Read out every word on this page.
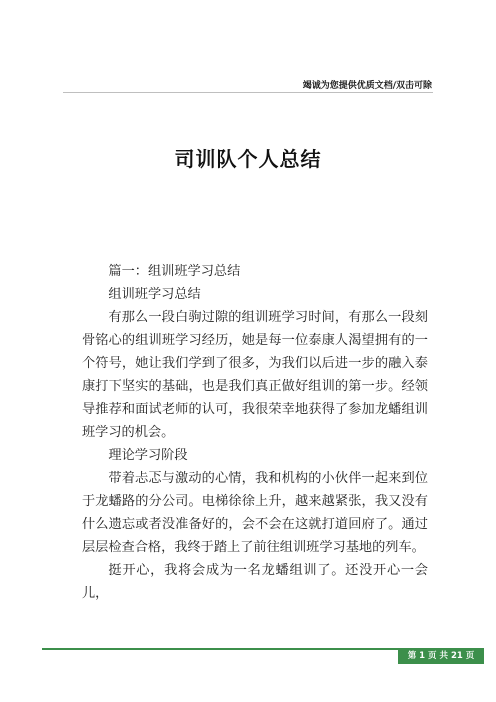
竭诚为您提供优质文档/双击可除
司训队个人总结

篇一：组训班学习总结

组训班学习总结

有那么一段白驹过隙的组训班学习时间，有那么一段刻骨铭心的组训班学习经历，她是每一位泰康人渴望拥有的一个符号，她让我们学到了很多，为我们以后进一步的融入泰康打下坚实的基础，也是我们真正做好组训的第一步。经领导推荐和面试老师的认可，我很荣幸地获得了参加龙蟠组训班学习的机会。

理论学习阶段

带着忐忑与激动的心情，我和机构的小伙伴一起来到位于龙蟠路的分公司。电梯徐徐上升，越来越紧张，我又没有什么遗忘或者没准备好的，会不会在这就打道回府了。通过层层检查合格，我终于踏上了前往组训班学习基地的列车。

挺开心，我将会成为一名龙蟠组训了。还没开心一会儿，

第 1 页 共 21 页
